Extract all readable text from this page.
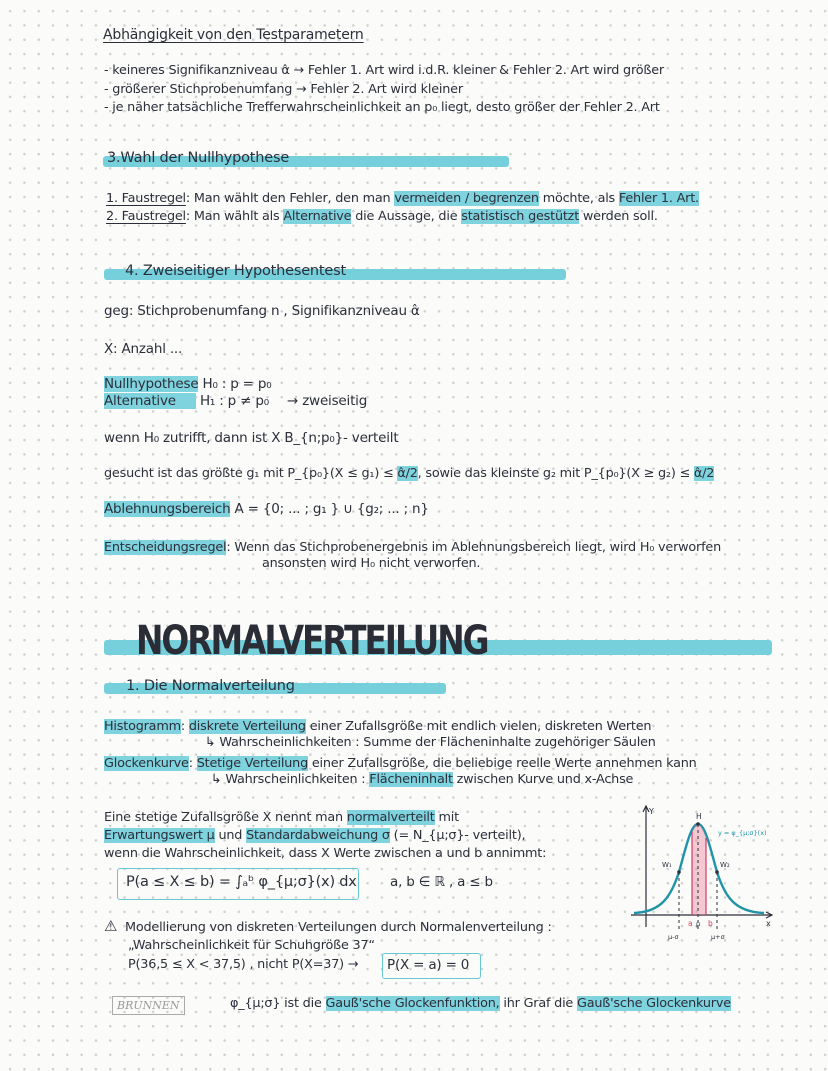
Abhängigkeit von den Testparametern
- keineres Signifikanzniveau α̂ → Fehler 1. Art wird i.d.R. kleiner & Fehler 2. Art wird größer
- größerer Stichprobenumfang → Fehler 2. Art wird kleiner
- je näher tatsächliche Trefferwahrscheinlichkeit an p₀ liegt, desto größer der Fehler 2. Art
3.Wahl der Nullhypothese
1. Faustregel: Man wählt den Fehler, den man vermeiden / begrenzen möchte, als Fehler 1. Art.
2. Faustregel: Man wählt als Alternative die Aussage, die statistisch gestützt werden soll.
4. Zweiseitiger Hypothesentest
geg: Stichprobenumfang n , Signifikanzniveau α̂
X: Anzahl ...
Nullhypothese H₀ : p = p₀
Alternative H₁ : p ≠ p₀ → zweiseitig
wenn H₀ zutrifft, dann ist X B_{n;p₀}- verteilt
gesucht ist das größte g₁ mit P_{p₀}(X ≤ g₁) ≤ α̂/2, sowie das kleinste g₂ mit P_{p₀}(X ≥ g₂) ≤ α̂/2
Ablehnungsbereich A = {0; ... ; g₁ } ∪ {g₂; ... ; n}
Entscheidungsregel: Wenn das Stichprobenergebnis im Ablehnungsbereich liegt, wird H₀ verworfen
ansonsten wird H₀ nicht verworfen.
NORMALVERTEILUNG
1. Die Normalverteilung
Histogramm: diskrete Verteilung einer Zufallsgröße mit endlich vielen, diskreten Werten
↳ Wahrscheinlichkeiten : Summe der Flächeninhalte zugehöriger Säulen
Glockenkurve: Stetige Verteilung einer Zufallsgröße, die beliebige reelle Werte annehmen kann
↳ Wahrscheinlichkeiten : Flächeninhalt zwischen Kurve und x-Achse
Eine stetige Zufallsgröße X nennt man normalverteilt mit
Erwartungswert μ und Standardabweichung σ (= N_{μ;σ}- verteilt),
wenn die Wahrscheinlichkeit, dass X Werte zwischen a und b annimmt:
P(a ≤ X ≤ b) = ∫ₐᵇ φ_{μ;σ}(x) dx a, b ∈ ℝ , a ≤ b
⚠ Modellierung von diskreten Verteilungen durch Normalenverteilung :
„Wahrscheinlichkeit für Schuhgröße 37“
P(36,5 ≤ X < 37,5) , nicht P(X=37) → P(X = a) = 0
BRUNNEN	φ_{μ;σ} ist die Gauß'sche Glockenfunktion, ihr Graf die Gauß'sche Glockenkurve
Y
x
H
y = φ_{μ;σ}(x)
W₁	W₂
a b
μ
μ-σ	μ+σ
